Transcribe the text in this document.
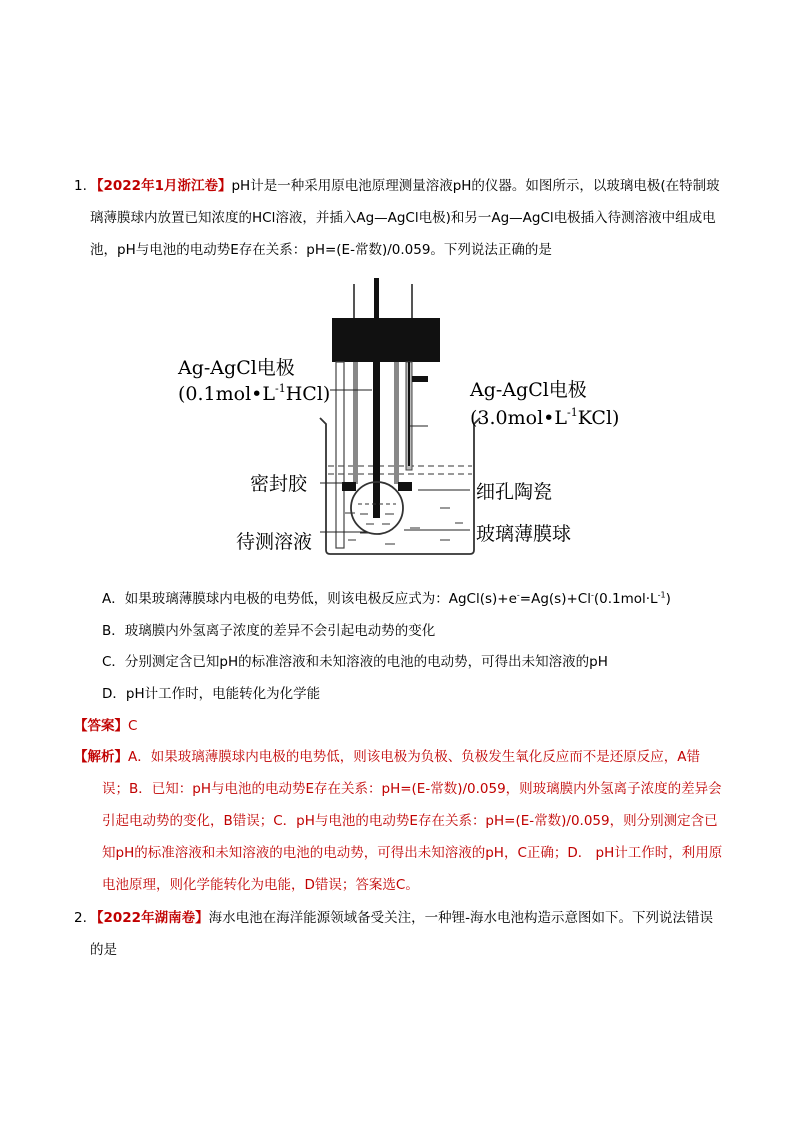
1. 【2022年1月浙江卷】pH计是一种采用原电池原理测量溶液pH的仪器。如图所示，以玻璃电极(在特制玻璃薄膜球内放置已知浓度的HCl溶液，并插入Ag—AgCl电极)和另一Ag—AgCl电极插入待测溶液中组成电池，pH与电池的电动势E存在关系：pH=(E-常数)/0.059。下列说法正确的是
Ag-AgCl电极
$(0.1mol•L^{-1}HCl)$	Ag-AgCl电极
$(3.0mol•L^{-1}KCl)$
密封胶	细孔陶瓷
待测溶液	玻璃薄膜球
A．如果玻璃薄膜球内电极的电势低，则该电极反应式为：$AgCl(s)+e^-=Ag(s)+Cl^-(0.1mol\cdot L^{-1})$
B．玻璃膜内外氢离子浓度的差异不会引起电动势的变化
C．分别测定含已知pH的标准溶液和未知溶液的电池的电动势，可得出未知溶液的pH
D．pH计工作时，电能转化为化学能
【答案】C
【解析】A．如果玻璃薄膜球内电极的电势低，则该电极为负极、负极发生氧化反应而不是还原反应，A错误；B．已知：pH与电池的电动势E存在关系：pH=(E-常数)/0.059，则玻璃膜内外氢离子浓度的差异会引起电动势的变化，B错误；C．pH与电池的电动势E存在关系：pH=(E-常数)/0.059，则分别测定含已知pH的标准溶液和未知溶液的电池的电动势，可得出未知溶液的pH，C正确；D． pH计工作时，利用原电池原理，则化学能转化为电能，D错误；答案选C。
2. 【2022年湖南卷】海水电池在海洋能源领域备受关注，一种锂-海水电池构造示意图如下。下列说法错误的是
